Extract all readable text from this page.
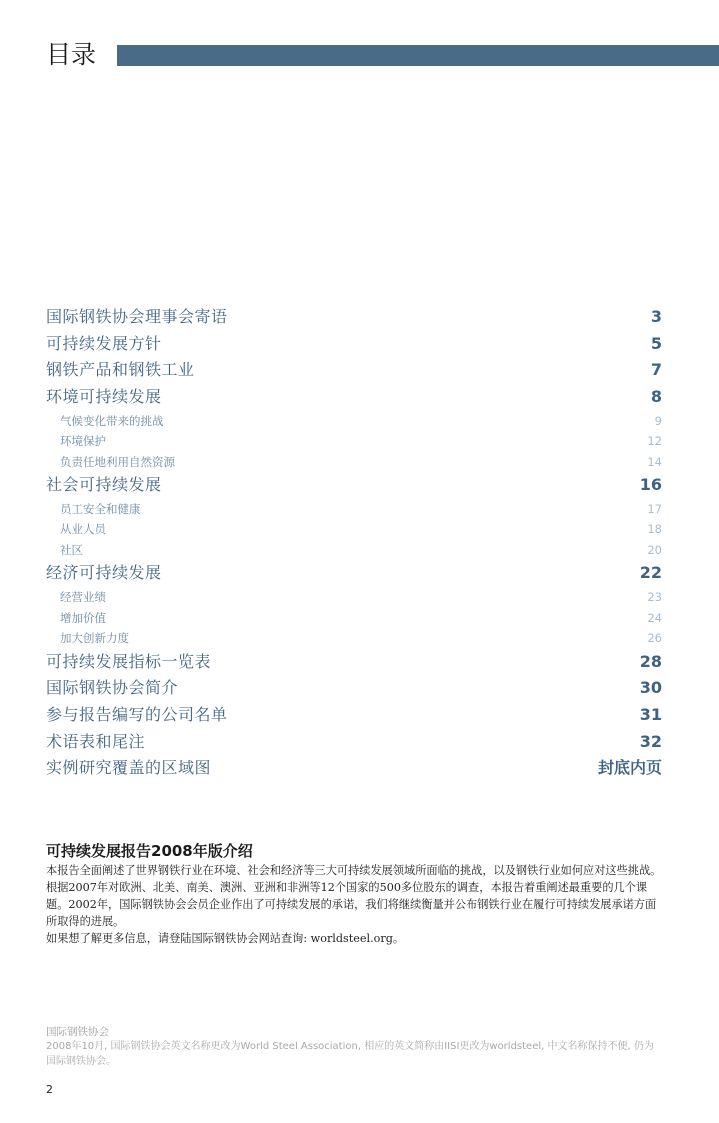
目录
国际钢铁协会理事会寄语	3
可持续发展方针	5
钢铁产品和钢铁工业	7
环境可持续发展	8
气候变化带来的挑战	9
环境保护	12
负责任地利用自然资源	14
社会可持续发展	16
员工安全和健康	17
从业人员	18
社区	20
经济可持续发展	22
经营业绩	23
增加价值	24
加大创新力度	26
可持续发展指标一览表	28
国际钢铁协会简介	30
参与报告编写的公司名单	31
术语表和尾注	32
实例研究覆盖的区域图	封底内页
可持续发展报告2008年版介绍

本报告全面阐述了世界钢铁行业在环境、社会和经济等三大可持续发展领域所面临的挑战，以及钢铁行业如何应对这些挑战。

根据2007年对欧洲、北美、南美、澳洲、亚洲和非洲等12个国家的500多位股东的调查，本报告着重阐述最重要的几个课题。2002年，国际钢铁协会会员企业作出了可持续发展的承诺，我们将继续衡量并公布钢铁行业在履行可持续发展承诺方面所取得的进展。

如果想了解更多信息，请登陆国际钢铁协会网站查询: worldsteel.org。

国际钢铁协会
2008年10月, 国际钢铁协会英文名称更改为World Steel Association, 相应的英文简称由IISI更改为worldsteel, 中文名称保持不便, 仍为国际钢铁协会。
2
